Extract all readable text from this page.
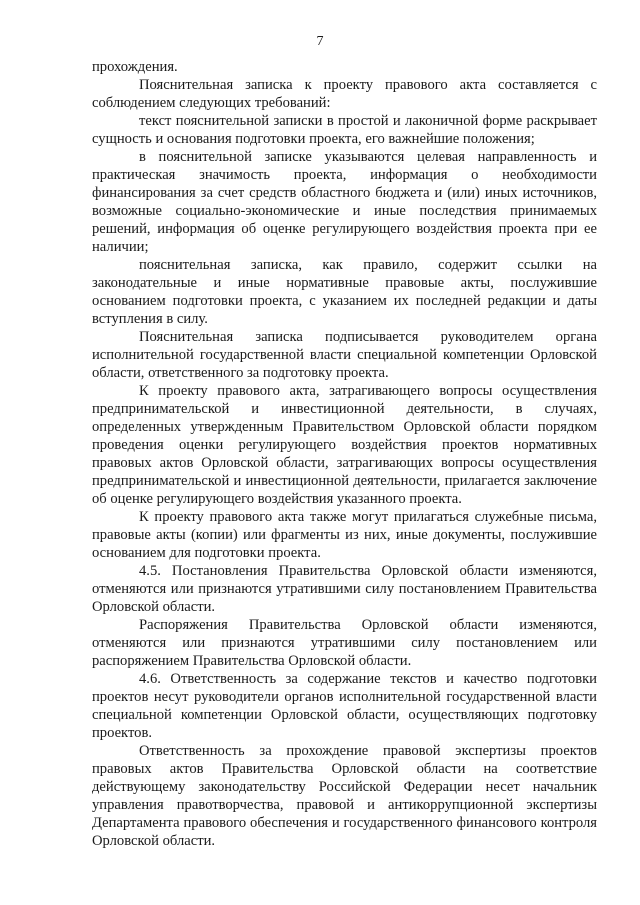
7

прохождения.

Пояснительная записка к проекту правового акта составляется с соблюдением следующих требований:

текст пояснительной записки в простой и лаконичной форме раскрывает сущность и основания подготовки проекта, его важнейшие положения;

в пояснительной записке указываются целевая направленность и практическая значимость проекта, информация о необходимости финансирования за счет средств областного бюджета и (или) иных источников, возможные социально-экономические и иные последствия принимаемых решений, информация об оценке регулирующего воздействия проекта при ее наличии;

пояснительная записка, как правило, содержит ссылки на законодательные и иные нормативные правовые акты, послужившие основанием подготовки проекта, с указанием их последней редакции и даты вступления в силу.

Пояснительная записка подписывается руководителем органа исполнительной государственной власти специальной компетенции Орловской области, ответственного за подготовку проекта.

К проекту правового акта, затрагивающего вопросы осуществления предпринимательской и инвестиционной деятельности, в случаях, определенных утвержденным Правительством Орловской области порядком проведения оценки регулирующего воздействия проектов нормативных правовых актов Орловской области, затрагивающих вопросы осуществления предпринимательской и инвестиционной деятельности, прилагается заключение об оценке регулирующего воздействия указанного проекта.

К проекту правового акта также могут прилагаться служебные письма, правовые акты (копии) или фрагменты из них, иные документы, послужившие основанием для подготовки проекта.

4.5. Постановления Правительства Орловской области изменяются, отменяются или признаются утратившими силу постановлением Правительства Орловской области.

Распоряжения Правительства Орловской области изменяются, отменяются или признаются утратившими силу постановлением или распоряжением Правительства Орловской области.

4.6. Ответственность за содержание текстов и качество подготовки проектов несут руководители органов исполнительной государственной власти специальной компетенции Орловской области, осуществляющих подготовку проектов.

Ответственность за прохождение правовой экспертизы проектов правовых актов Правительства Орловской области на соответствие действующему законодательству Российской Федерации несет начальник управления правотворчества, правовой и антикоррупционной экспертизы Департамента правового обеспечения и государственного финансового контроля Орловской области.
